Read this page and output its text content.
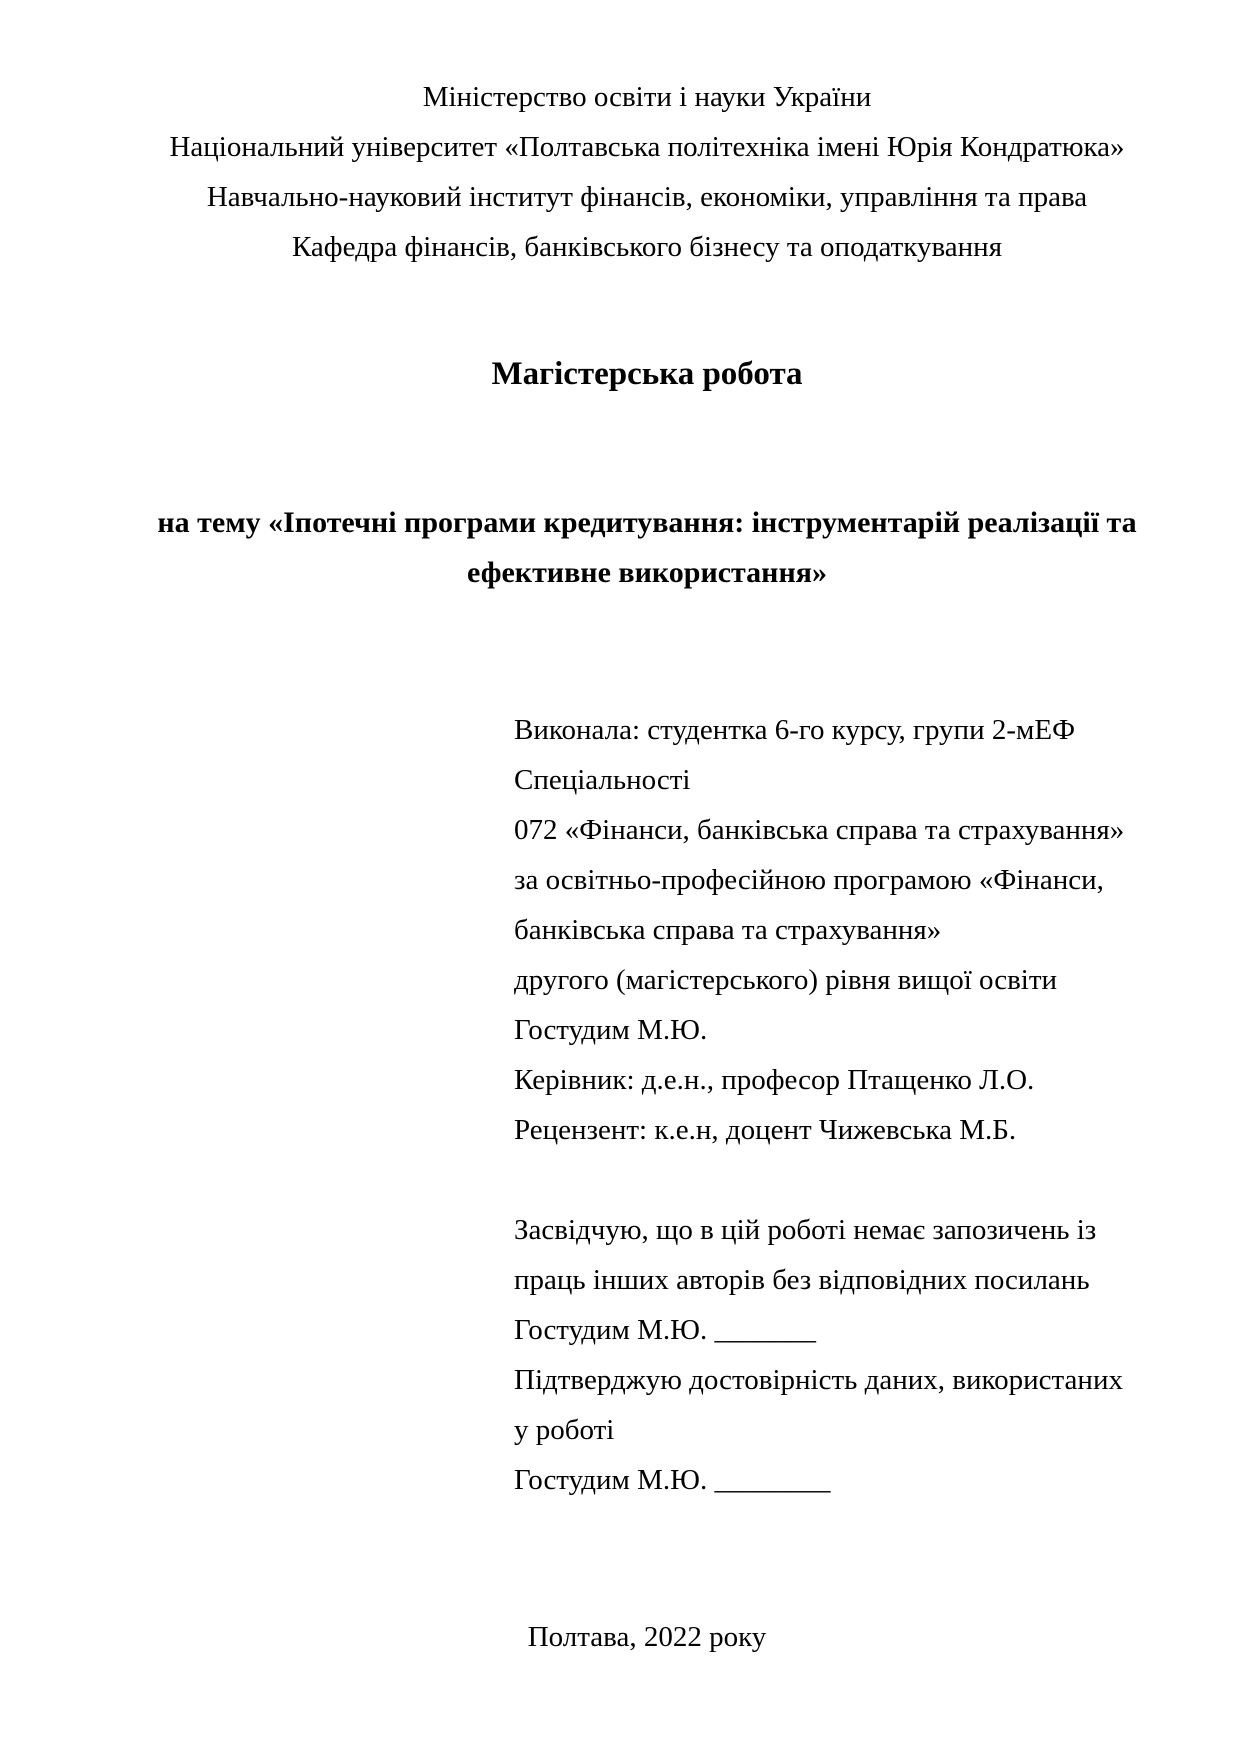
Міністерство освіти і науки України
Національний університет «Полтавська політехніка імені Юрія Кондратюка»
Навчально-науковий інститут фінансів, економіки, управління та права
Кафедра фінансів, банківського бізнесу та оподаткування
Магістерська робота
на тему «Іпотечні програми кредитування: інструментарій реалізації та ефективне використання»
Виконала: студентка 6-го курсу, групи 2-мЕФ
Спеціальності
072 «Фінанси, банківська справа та страхування»
за освітньо-професійною програмою «Фінанси,
банківська справа та страхування»
другого (магістерського) рівня вищої освіти
Гостудим М.Ю.
Керівник: д.е.н., професор Птащенко Л.О.
Рецензент: к.е.н, доцент Чижевська М.Б.
Засвідчую, що в цій роботі немає запозичень із
праць інших авторів без відповідних посилань
Гостудим М.Ю. _______
Підтверджую достовірність даних, використаних
у роботі
Гостудим М.Ю. ________
Полтава, 2022 року
